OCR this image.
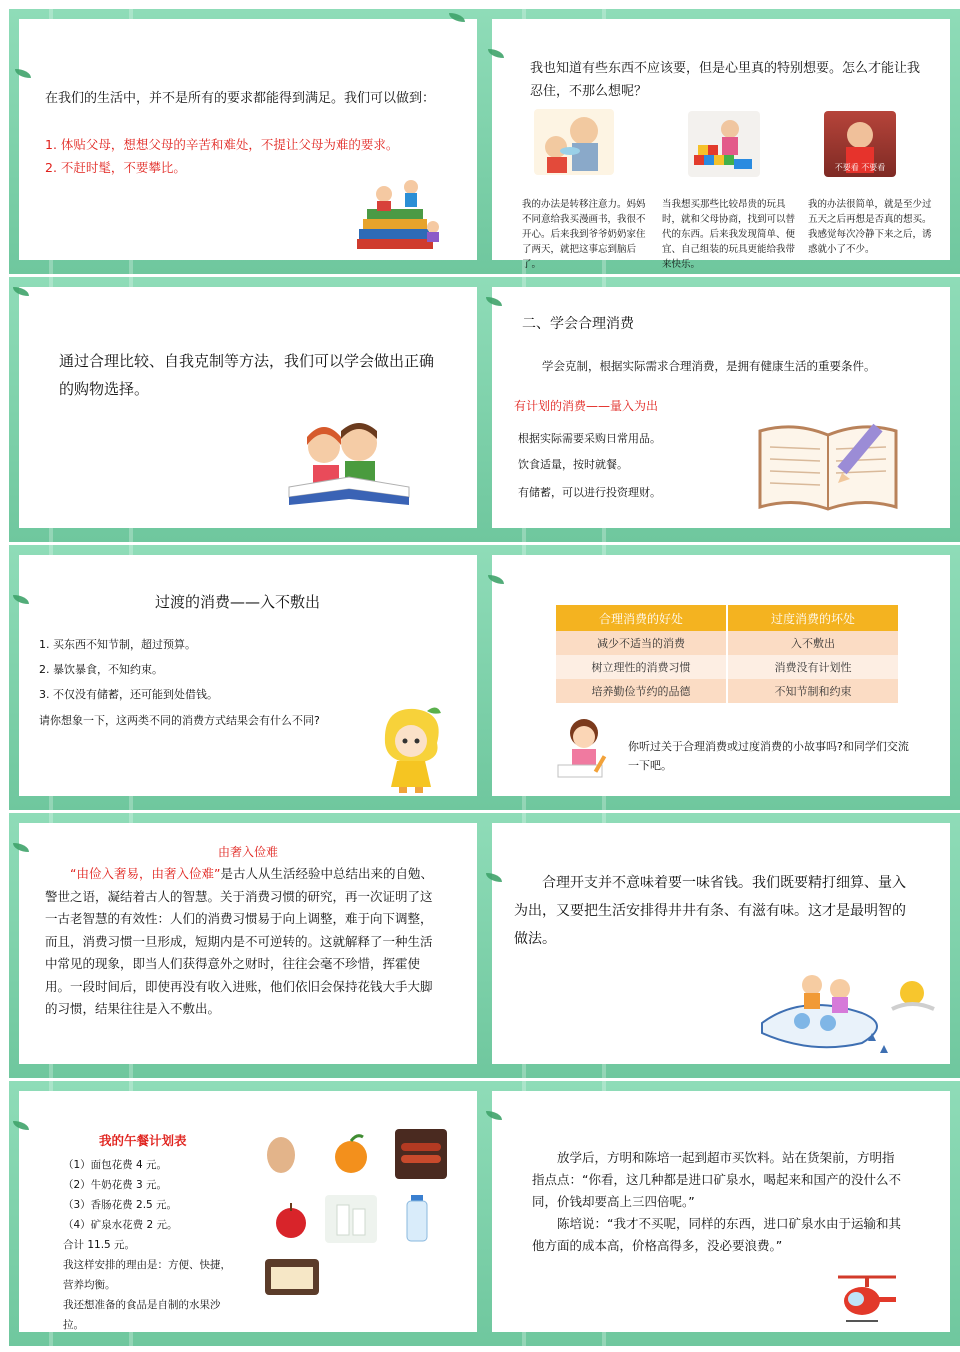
在我们的生活中，并不是所有的要求都能得到满足。我们可以做到：
1. 体贴父母，想想父母的辛苦和难处，不提让父母为难的要求。
2. 不赶时髦，不要攀比。
我也知道有些东西不应该要，但是心里真的特别想要。怎么才能让我忍住，不那么想呢？
不要看 不要看
我的办法是转移注意力。妈妈不同意给我买漫画书，我很不开心。后来我到爷爷奶奶家住了两天，就把这事忘到脑后了。
当我想买那些比较昂贵的玩具时，就和父母协商，找到可以替代的东西。后来我发现简单、便宜、自己组装的玩具更能给我带来快乐。
我的办法很简单，就是至少过五天之后再想是否真的想买。我感觉每次冷静下来之后，诱惑就小了不少。
通过合理比较、自我克制等方法，我们可以学会做出正确的购物选择。
二、学会合理消费
学会克制，根据实际需求合理消费，是拥有健康生活的重要条件。
有计划的消费——量入为出
根据实际需要采购日常用品。
饮食适量，按时就餐。
有储蓄，可以进行投资理财。
过渡的消费——入不敷出
1. 买东西不知节制，超过预算。
2. 暴饮暴食，不知约束。
3. 不仅没有储蓄，还可能到处借钱。
请你想象一下，这两类不同的消费方式结果会有什么不同?
合理消费的好处	过度消费的坏处
减少不适当的消费	入不敷出
树立理性的消费习惯	消费没有计划性
培养勤俭节约的品德	不知节制和约束
你听过关于合理消费或过度消费的小故事吗?和同学们交流一下吧。
由奢入俭难
“由俭入奢易，由奢入俭难”是古人从生活经验中总结出来的自勉、警世之语，凝结着古人的智慧。关于消费习惯的研究，再一次证明了这一古老智慧的有效性：人们的消费习惯易于向上调整，难于向下调整，而且，消费习惯一旦形成，短期内是不可逆转的。这就解释了一种生活中常见的现象，即当人们获得意外之财时，往往会毫不珍惜，挥霍使用。一段时间后，即使再没有收入进账，他们依旧会保持花钱大手大脚的习惯，结果往往是入不敷出。
合理开支并不意味着要一味省钱。我们既要精打细算、量入为出，又要把生活安排得井井有条、有滋有味。这才是最明智的做法。
我的午餐计划表
（1）面包花费 4 元。
（2）牛奶花费 3 元。
（3）香肠花费 2.5 元。
（4）矿泉水花费 2 元。
合计 11.5 元。
我这样安排的理由是：方便、快捷，营养均衡。
我还想准备的食品是自制的水果沙拉。
放学后，方明和陈培一起到超市买饮料。站在货架前，方明指指点点：“你看，这几种都是进口矿泉水，喝起来和国产的没什么不同，价钱却要高上三四倍呢。”
陈培说：“我才不买呢，同样的东西，进口矿泉水由于运输和其他方面的成本高，价格高得多，没必要浪费。”
